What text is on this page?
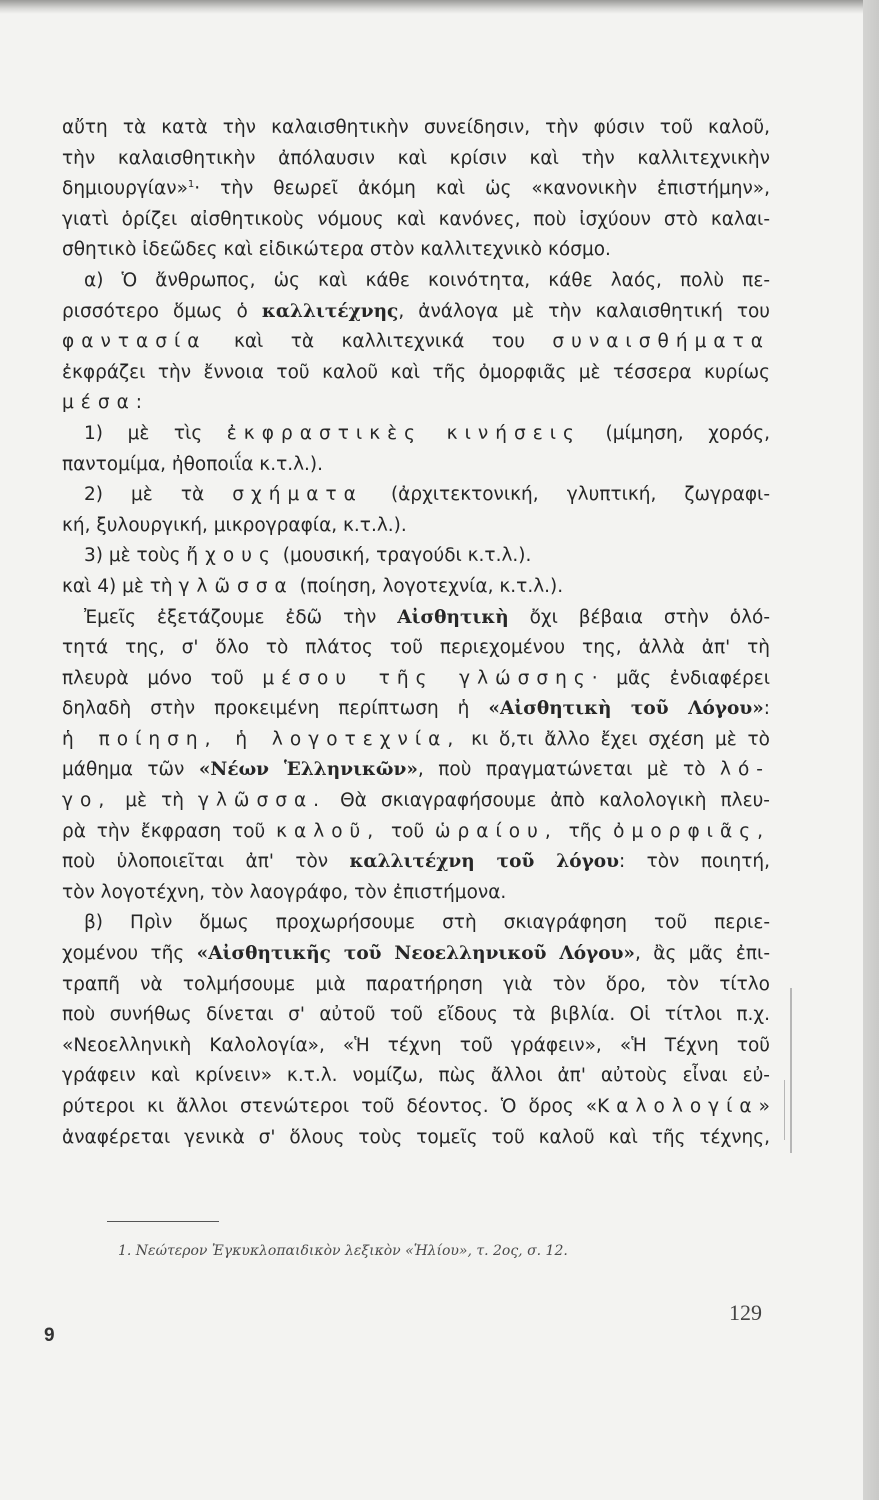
αὔτη τὰ κατὰ τὴν καλαισθητικὴν συνείδησιν, τὴν φύσιν τοῦ καλοῦ,
τὴν καλαισθητικὴν ἀπόλαυσιν καὶ κρίσιν καὶ τὴν καλλιτεχνικὴν
δημιουργίαν»$^1$· τὴν θεωρεῖ ἀκόμη καὶ ὡς «κανονικὴν ἐπιστήμην»,
γιατὶ ὁρίζει αἰσθητικοὺς νόμους καὶ κανόνες, ποὺ ἰσχύουν στὸ καλαι-
σθητικὸ ἰδεῶδες καὶ εἰδικώτερα στὸν καλλιτεχνικὸ κόσμο.
α) Ὁ ἄνθρωπος, ὡς καὶ κάθε κοινότητα, κάθε λαός, πολὺ πε-
ρισσότερο ὅμως ὁ καλλιτέχνης, ἀνάλογα μὲ τὴν καλαισθητική του
φαντασία καὶ τὰ καλλιτεχνικά του συναισθήματα
ἐκφράζει τὴν ἔννοια τοῦ καλοῦ καὶ τῆς ὀμορφιᾶς μὲ τέσσερα κυρίως
μέσα:
1) μὲ τὶς ἐκφραστικὲς κινήσεις (μίμηση, χορός,
παντομίμα, ἠθοποιΐα κ.τ.λ.).
2) μὲ τὰ σχήματα (ἀρχιτεκτονική, γλυπτική, ζωγραφι-
κή, ξυλουργική, μικρογραφία, κ.τ.λ.).
3) μὲ τοὺς ἤχους (μουσική, τραγούδι κ.τ.λ.).
καὶ 4) μὲ τὴ γλῶσσα (ποίηση, λογοτεχνία, κ.τ.λ.).
Ἐμεῖς ἐξετάζουμε ἐδῶ τὴν Αἰσθητικὴ ὄχι βέβαια στὴν ὁλό-
τητά της, σ' ὅλο τὸ πλάτος τοῦ περιεχομένου της, ἀλλὰ ἀπ' τὴ
πλευρὰ μόνο τοῦ μέσου τῆς γλώσσης· μᾶς ἐνδιαφέρει
δηλαδὴ στὴν προκειμένη περίπτωση ἡ «Αἰσθητικὴ τοῦ Λόγου»:
ἡ ποίηση, ἡ λογοτεχνία, κι ὅ,τι ἄλλο ἔχει σχέση μὲ τὸ
μάθημα τῶν «Νέων Ἑλληνικῶν», ποὺ πραγματώνεται μὲ τὸ λό-
γο, μὲ τὴ γλῶσσα. Θὰ σκιαγραφήσουμε ἀπὸ καλολογικὴ πλευ-
ρὰ τὴν ἔκφραση τοῦ καλοῦ, τοῦ ὡραίου, τῆς ὀμορφιᾶς,
ποὺ ὑλοποιεῖται ἀπ' τὸν καλλιτέχνη τοῦ λόγου: τὸν ποιητή,
τὸν λογοτέχνη, τὸν λαογράφο, τὸν ἐπιστήμονα.
β) Πρὶν ὅμως προχωρήσουμε στὴ σκιαγράφηση τοῦ περιε-
χομένου τῆς «Αἰσθητικῆς τοῦ Νεοελληνικοῦ Λόγου», ἂς μᾶς ἐπι-
τραπῆ νὰ τολμήσουμε μιὰ παρατήρηση γιὰ τὸν ὅρο, τὸν τίτλο
ποὺ συνήθως δίνεται σ' αὐτοῦ τοῦ εἴδους τὰ βιβλία. Οἱ τίτλοι π.χ.
«Νεοελληνικὴ Καλολογία», «Ἡ τέχνη τοῦ γράφειν», «Ἡ Τέχνη τοῦ
γράφειν καὶ κρίνειν» κ.τ.λ. νομίζω, πὼς ἄλλοι ἀπ' αὐτοὺς εἶναι εὐ-
ρύτεροι κι ἄλλοι στενώτεροι τοῦ δέοντος. Ὁ ὅρος «Καλολογία»
ἀναφέρεται γενικὰ σ' ὅλους τοὺς τομεῖς τοῦ καλοῦ καὶ τῆς τέχνης,
1. Νεώτερον Ἐγκυκλοπαιδικὸν λεξικὸν «Ἡλίου», τ. 2ος, σ. 12.
129
9
